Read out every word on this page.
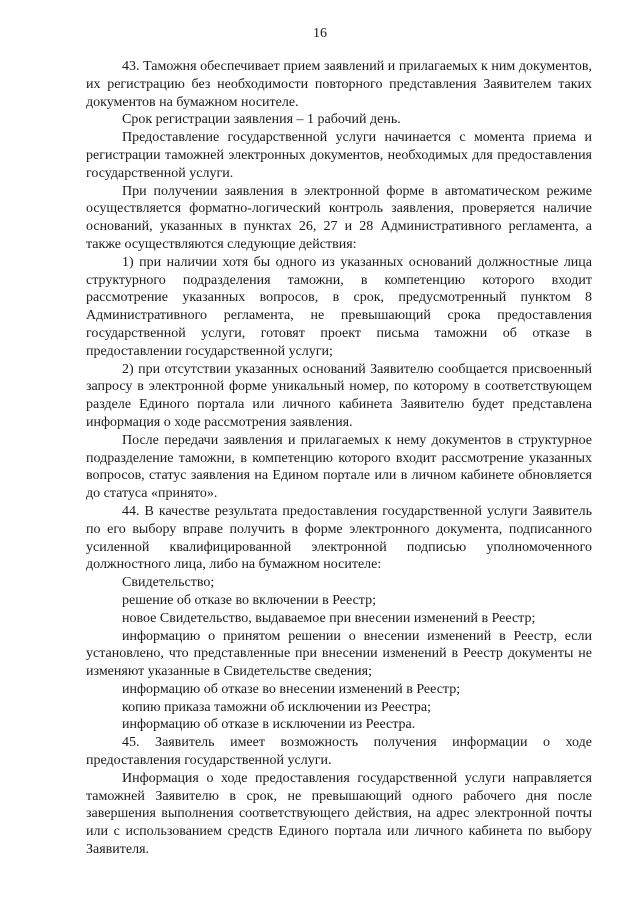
16

43. Таможня обеспечивает прием заявлений и прилагаемых к ним документов, их регистрацию без необходимости повторного представления Заявителем таких документов на бумажном носителе.

Срок регистрации заявления – 1 рабочий день.

Предоставление государственной услуги начинается с момента приема и регистрации таможней электронных документов, необходимых для предоставления государственной услуги.

При получении заявления в электронной форме в автоматическом режиме осуществляется форматно-логический контроль заявления, проверяется наличие оснований, указанных в пунктах 26, 27 и 28 Административного регламента, а также осуществляются следующие действия:

1) при наличии хотя бы одного из указанных оснований должностные лица структурного подразделения таможни, в компетенцию которого входит рассмотрение указанных вопросов, в срок, предусмотренный пунктом 8 Административного регламента, не превышающий срока предоставления государственной услуги, готовят проект письма таможни об отказе в предоставлении государственной услуги;

2) при отсутствии указанных оснований Заявителю сообщается присвоенный запросу в электронной форме уникальный номер, по которому в соответствующем разделе Единого портала или личного кабинета Заявителю будет представлена информация о ходе рассмотрения заявления.

После передачи заявления и прилагаемых к нему документов в структурное подразделение таможни, в компетенцию которого входит рассмотрение указанных вопросов, статус заявления на Едином портале или в личном кабинете обновляется до статуса «принято».

44. В качестве результата предоставления государственной услуги Заявитель по его выбору вправе получить в форме электронного документа, подписанного усиленной квалифицированной электронной подписью уполномоченного должностного лица, либо на бумажном носителе:

Свидетельство;

решение об отказе во включении в Реестр;

новое Свидетельство, выдаваемое при внесении изменений в Реестр;

информацию о принятом решении о внесении изменений в Реестр, если установлено, что представленные при внесении изменений в Реестр документы не изменяют указанные в Свидетельстве сведения;

информацию об отказе во внесении изменений в Реестр;

копию приказа таможни об исключении из Реестра;

информацию об отказе в исключении из Реестра.

45. Заявитель имеет возможность получения информации о ходе предоставления государственной услуги.

Информация о ходе предоставления государственной услуги направляется таможней Заявителю в срок, не превышающий одного рабочего дня после завершения выполнения соответствующего действия, на адрес электронной почты или с использованием средств Единого портала или личного кабинета по выбору Заявителя.
